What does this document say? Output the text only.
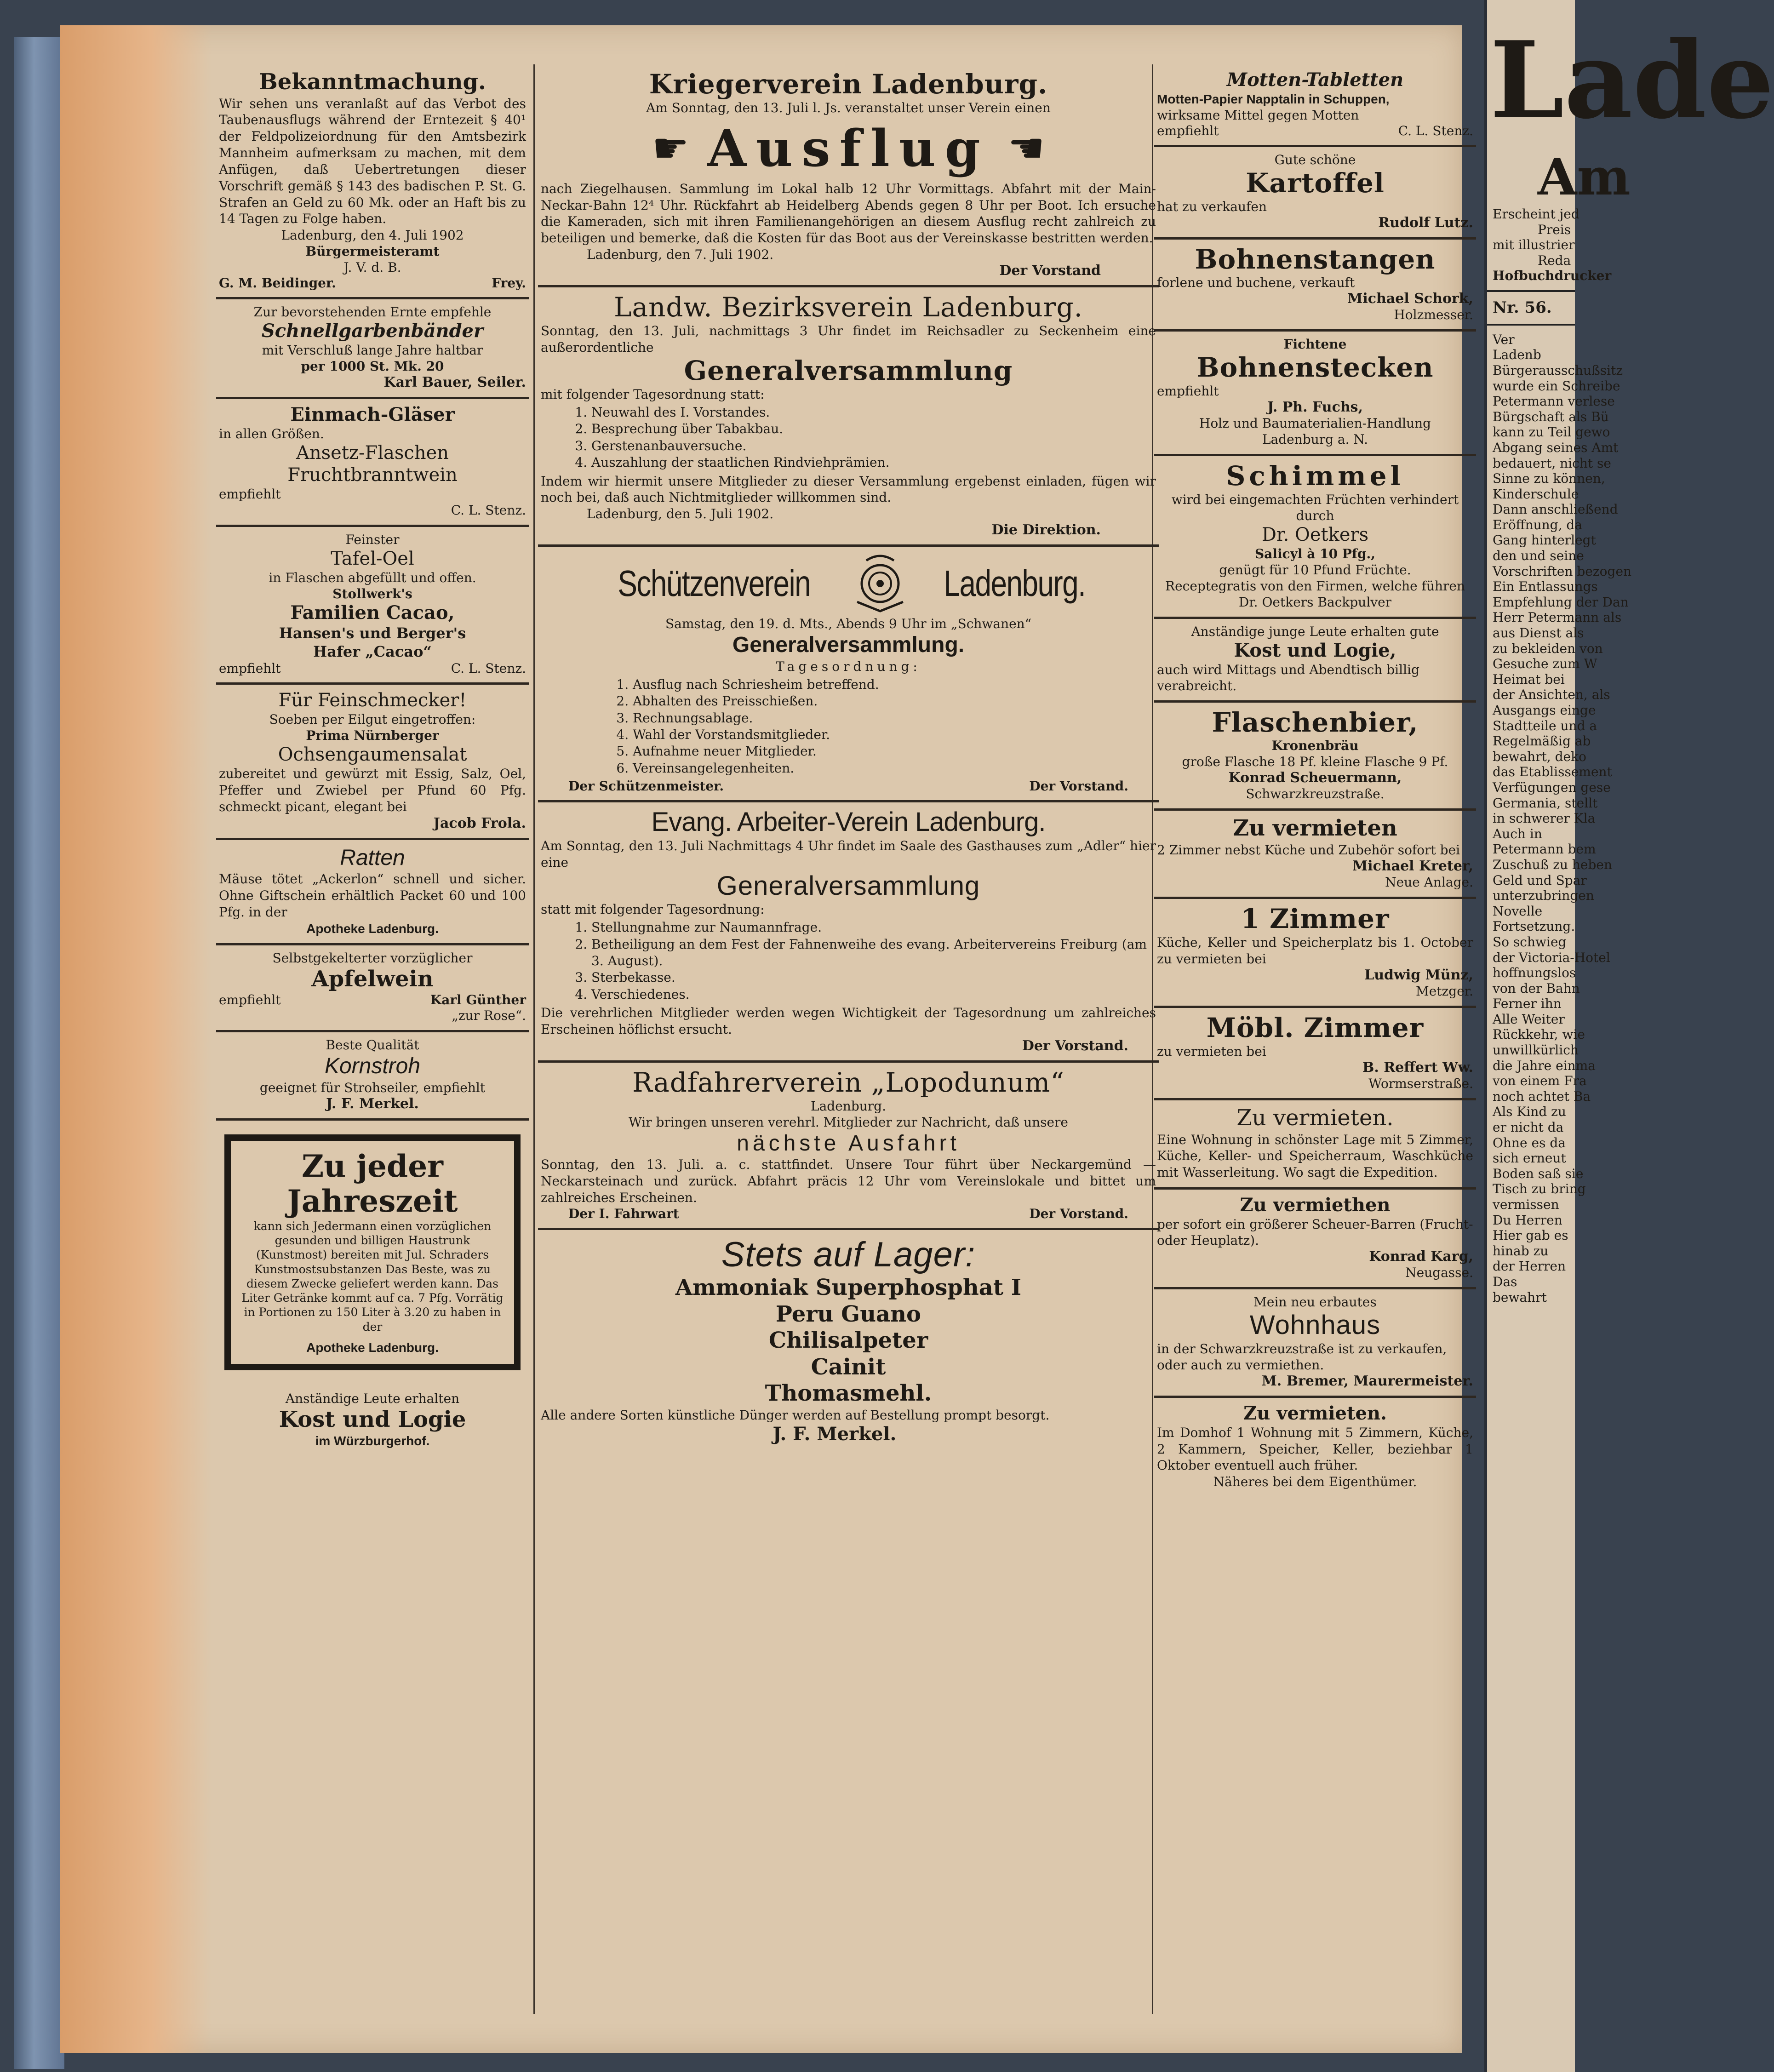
Bekanntmachung.
Wir sehen uns veranlaßt auf das Verbot des Taubenausflugs während der Erntezeit § 40¹ der Feldpolizeiordnung für den Amtsbezirk Mannheim aufmerksam zu machen, mit dem Anfügen, daß Uebertretungen dieser Vorschrift gemäß § 143 des badischen P. St. G. Strafen an Geld zu 60 Mk. oder an Haft bis zu 14 Tagen zu Folge haben.
Ladenburg, den 4. Juli 1902
Bürgermeisteramt
J. V. d. B.
G. M. Beidinger.	Frey.
Zur bevorstehenden Ernte empfehle
Schnellgarbenbänder
mit Verschluß lange Jahre haltbar
per 1000 St. Mk. 20
Karl Bauer, Seiler.
Einmach-Gläser
in allen Größen.
Ansetz-Flaschen
Fruchtbranntwein
empfiehlt
C. L. Stenz.
Feinster
Tafel-Oel
in Flaschen abgefüllt und offen.
Stollwerk's
Familien Cacao,
Hansen's und Berger's
Hafer „Cacao“
empfiehlt	C. L. Stenz.
Für Feinschmecker!
Soeben per Eilgut eingetroffen:
Prima Nürnberger
Ochsengaumensalat
zubereitet und gewürzt mit Essig, Salz, Oel, Pfeffer und Zwiebel per Pfund 60 Pfg. schmeckt picant, elegant bei
Jacob Frola.
Ratten
Mäuse tötet „Ackerlon“ schnell und sicher. Ohne Giftschein erhältlich Packet 60 und 100 Pfg. in der
Apotheke Ladenburg.
Selbstgekelterter vorzüglicher
Apfelwein
empfiehlt	Karl Günther
„zur Rose“.
Beste Qualität
Kornstroh
geeignet für Strohseiler, empfiehlt
J. F. Merkel.
Zu jeder
Jahreszeit
kann sich Jedermann einen vorzüglichen gesunden und billigen Haustrunk (Kunstmost) bereiten mit Jul. Schraders Kunstmostsubstanzen Das Beste, was zu diesem Zwecke geliefert werden kann. Das Liter Getränke kommt auf ca. 7 Pfg. Vorrätig in Portionen zu 150 Liter à 3.20 zu haben in der
Apotheke Ladenburg.
Anständige Leute erhalten
Kost und Logie
im Würzburgerhof.
Kriegerverein Ladenburg.
Am Sonntag, den 13. Juli l. Js. veranstaltet unser Verein einen
☛ Ausflug ☚
nach Ziegelhausen. Sammlung im Lokal halb 12 Uhr Vormittags. Abfahrt mit der Main-Neckar-Bahn 12⁴ Uhr. Rückfahrt ab Heidelberg Abends gegen 8 Uhr per Boot. Ich ersuche die Kameraden, sich mit ihren Familienangehörigen an diesem Ausflug recht zahlreich zu beteiligen und bemerke, daß die Kosten für das Boot aus der Vereinskasse bestritten werden.
Ladenburg, den 7. Juli 1902.
Der Vorstand
Landw. Bezirksverein Ladenburg.
Sonntag, den 13. Juli, nachmittags 3 Uhr findet im Reichsadler zu Seckenheim eine außerordentliche
Generalversammlung
mit folgender Tagesordnung statt:
1. Neuwahl des I. Vorstandes.
2. Besprechung über Tabakbau.
3. Gerstenanbauversuche.
4. Auszahlung der staatlichen Rindviehprämien.
Indem wir hiermit unsere Mitglieder zu dieser Versammlung ergebenst einladen, fügen wir noch bei, daß auch Nichtmitglieder willkommen sind.
Ladenburg, den 5. Juli 1902.
Die Direktion.
Schützenverein	Ladenburg.
Samstag, den 19. d. Mts., Abends 9 Uhr im „Schwanen“
Generalversammlung.
Tagesordnung:
1. Ausflug nach Schriesheim betreffend.
2. Abhalten des Preisschießen.
3. Rechnungsablage.
4. Wahl der Vorstandsmitglieder.
5. Aufnahme neuer Mitglieder.
6. Vereinsangelegenheiten.
Der Schützenmeister.	Der Vorstand.
Evang. Arbeiter-Verein Ladenburg.
Am Sonntag, den 13. Juli Nachmittags 4 Uhr findet im Saale des Gasthauses zum „Adler“ hier eine
Generalversammlung
statt mit folgender Tagesordnung:
1. Stellungnahme zur Naumannfrage.
2. Betheiligung an dem Fest der Fahnenweihe des evang. Arbeitervereins Freiburg (am 3. August).
3. Sterbekasse.
4. Verschiedenes.
Die verehrlichen Mitglieder werden wegen Wichtigkeit der Tagesordnung um zahlreiches Erscheinen höflichst ersucht.
Der Vorstand.
Radfahrerverein „Lopodunum“
Ladenburg.
Wir bringen unseren verehrl. Mitglieder zur Nachricht, daß unsere
nächste Ausfahrt
Sonntag, den 13. Juli. a. c. stattfindet. Unsere Tour führt über Neckargemünd — Neckarsteinach und zurück. Abfahrt präcis 12 Uhr vom Vereinslokale und bittet um zahlreiches Erscheinen.
Der I. Fahrwart	Der Vorstand.
Stets auf Lager:
Ammoniak Superphosphat I
Peru Guano
Chilisalpeter
Cainit
Thomasmehl.
Alle andere Sorten künstliche Dünger werden auf Bestellung prompt besorgt.
J. F. Merkel.
Motten-Tabletten
Motten-Papier Napptalin in Schuppen,
wirksame Mittel gegen Motten
empfiehlt	C. L. Stenz.
Gute schöne
Kartoffel
hat zu verkaufen
Rudolf Lutz.
Bohnenstangen
forlene und buchene, verkauft
Michael Schork,
Holzmesser.
Fichtene
Bohnenstecken
empfiehlt
J. Ph. Fuchs,
Holz und Baumaterialien-Handlung
Ladenburg a. N.
Schimmel
wird bei eingemachten Früchten verhindert durch
Dr. Oetkers
Salicyl à 10 Pfg.,
genügt für 10 Pfund Früchte.
Receptegratis von den Firmen, welche führen Dr. Oetkers Backpulver
Anständige junge Leute erhalten gute
Kost und Logie,
auch wird Mittags und Abendtisch billig verabreicht.
Flaschenbier,
Kronenbräu
große Flasche 18 Pf. kleine Flasche 9 Pf.
Konrad Scheuermann,
Schwarzkreuzstraße.
Zu vermieten
2 Zimmer nebst Küche und Zubehör sofort bei
Michael Kreter,
Neue Anlage.
1 Zimmer
Küche, Keller und Speicherplatz bis 1. October zu vermieten bei
Ludwig Münz,
Metzger.
Möbl. Zimmer
zu vermieten bei
B. Reffert Ww.
Wormserstraße.
Zu vermieten.
Eine Wohnung in schönster Lage mit 5 Zimmer, Küche, Keller- und Speicherraum, Waschküche mit Wasserleitung. Wo sagt die Expedition.
Zu vermiethen
per sofort ein größerer Scheuer-Barren (Frucht- oder Heuplatz).
Konrad Karg,
Neugasse.
Mein neu erbautes
Wohnhaus
in der Schwarzkreuzstraße ist zu verkaufen, oder auch zu vermiethen.
M. Bremer, Maurermeister.
Zu vermieten.
Im Domhof 1 Wohnung mit 5 Zimmern, Küche, 2 Kammern, Speicher, Keller, beziehbar 1 Oktober eventuell auch früher.
Näheres bei dem Eigenthümer.
Lade
Am
Erscheint jed
Preis
mit illustrier
Reda
Hofbuchdrucker
Nr. 56.
Ver
Ladenb
Bürgerausschußsitz
wurde ein Schreibe
Petermann verlese
Bürgschaft als Bü
kann zu Teil gewo
Abgang seines Amt
bedauert, nicht se
Sinne zu können,
Kinderschule
Dann anschließend
Eröffnung, da
Gang hinterlegt
den und seine
Vorschriften bezogen
Ein Entlassungs
Empfehlung der Dan
Herr Petermann als
aus Dienst als
zu bekleiden von
Gesuche zum W
Heimat bei
der Ansichten, als
Ausgangs einge
Stadtteile und a
Regelmäßig ab
bewahrt, deko
das Etablissement
Verfügungen gese
Germania, stellt
in schwerer Kla
Auch in
Petermann bem
Zuschuß zu heben
Geld und Spar
unterzubringen
Novelle
Fortsetzung.
So schwieg
der Victoria-Hotel
hoffnungslos
von der Bahn
Ferner ihn
Alle Weiter
Rückkehr, wie
unwillkürlich
die Jahre einma
von einem Fra
noch achtet Ba
Als Kind zu
er nicht da
Ohne es da
sich erneut
Boden saß sie
Tisch zu bring
vermissen
Du Herren
Hier gab es
hinab zu
der Herren
Das
bewahrt
